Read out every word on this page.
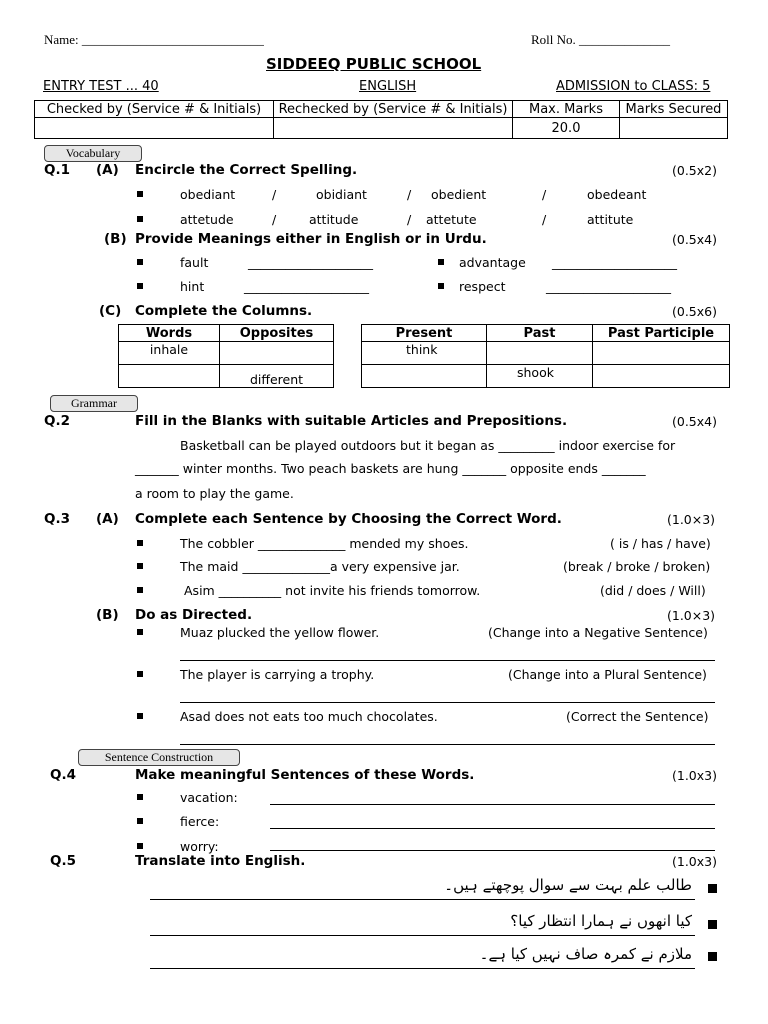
Name: ____________________________	Roll No. ______________
SIDDEEQ PUBLIC SCHOOL
ENTRY TEST ... 40	ENGLISH	ADMISSION to CLASS: 5
Checked by (Service # & Initials)	Rechecked by (Service # & Initials)	Max. Marks	Marks Secured
		20.0	
Vocabulary
Q.1 (A) Encircle the Correct Spelling.	(0.5x2)
obediant	/	obidiant	/ obedient	/	obedeant
attetude	/	attitude	/ attetute	/	attitute
(B) Provide Meanings either in English or in Urdu.	(0.5x4)
fault	____________________	advantage ____________________
hint	____________________	respect	____________________
(C) Complete the Columns.	(0.5x6)
Words	Opposites
inhale	
	different
Present	Past	Past Participle
think		
	shook	
Grammar
Q.2	Fill in the Blanks with suitable Articles and Prepositions.	(0.5x4)
Basketball can be played outdoors but it began as _________ indoor exercise for
_______ winter months. Two peach baskets are hung _______ opposite ends _______
a room to play the game.
Q.3 (A) Complete each Sentence by Choosing the Correct Word.	(1.0×3)
The cobbler ______________ mended my shoes.	( is / has / have)
The maid ______________a very expensive jar.	(break / broke / broken)
Asim __________ not invite his friends tomorrow.	(did / does / Will)
(B) Do as Directed.	(1.0×3)
Muaz plucked the yellow flower.	(Change into a Negative Sentence)
The player is carrying a trophy.	(Change into a Plural Sentence)
Asad does not eats too much chocolates.	(Correct the Sentence)
Sentence Construction
Q.4	Make meaningful Sentences of these Words.	(1.0x3)
vacation:
fierce:
worry:
Q.5	Translate into English.	(1.0x3)
طالب علم بہت سے سوال پوچھتے ہیں۔
کیا انھوں نے ہمارا انتظار کیا؟
ملازم نے کمرہ صاف نہیں کیا ہے۔
